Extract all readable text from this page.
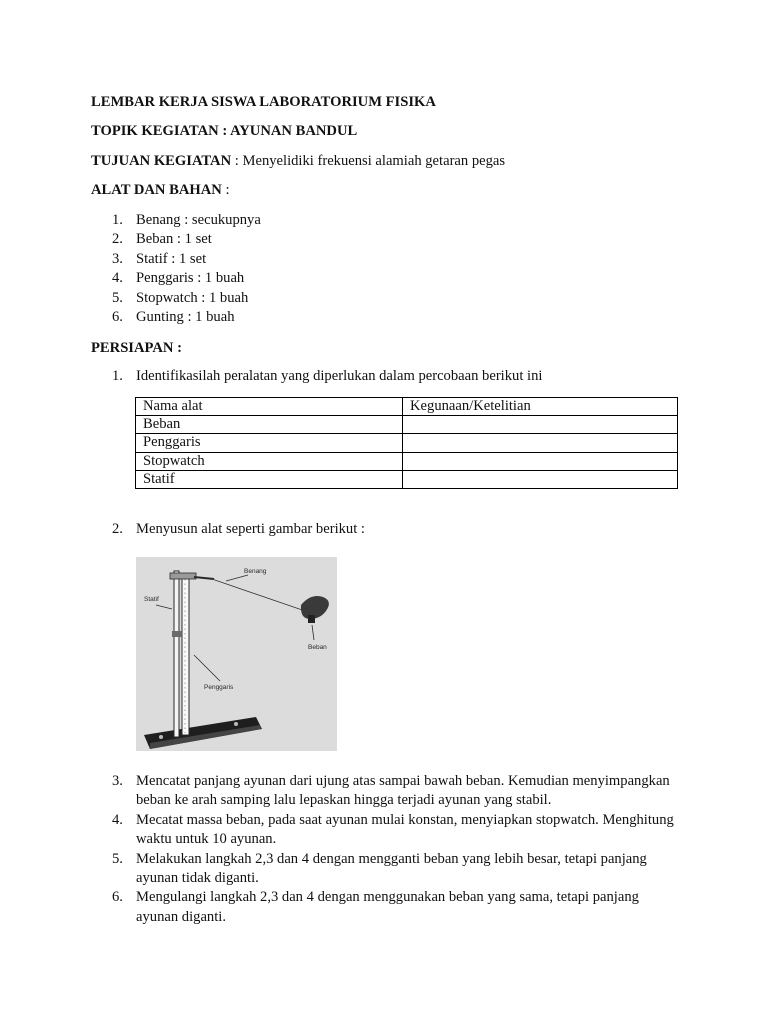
LEMBAR KERJA SISWA LABORATORIUM FISIKA
TOPIK KEGIATAN : AYUNAN BANDUL
TUJUAN KEGIATAN : Menyelidiki frekuensi alamiah getaran pegas
ALAT DAN BAHAN :
1. Benang : secukupnya
2. Beban : 1 set
3. Statif : 1 set
4. Penggaris : 1 buah
5. Stopwatch : 1 buah
6. Gunting : 1 buah
PERSIAPAN :
1. Identifikasilah peralatan yang diperlukan dalam percobaan berikut ini
Nama alat	Kegunaan/Ketelitian
Beban	
Penggaris	
Stopwatch	
Statif	
2. Menyusun alat seperti gambar berikut :
Benang
Statif
Beban
Penggaris
3. Mencatat panjang ayunan dari ujung atas sampai bawah beban. Kemudian menyimpangkan beban ke arah samping lalu lepaskan hingga terjadi ayunan yang stabil.
4. Mecatat massa beban, pada saat ayunan mulai konstan, menyiapkan stopwatch. Menghitung waktu untuk 10 ayunan.
5. Melakukan langkah 2,3 dan 4 dengan mengganti beban yang lebih besar, tetapi panjang ayunan tidak diganti.
6. Mengulangi langkah 2,3 dan 4 dengan menggunakan beban yang sama, tetapi panjang ayunan diganti.
